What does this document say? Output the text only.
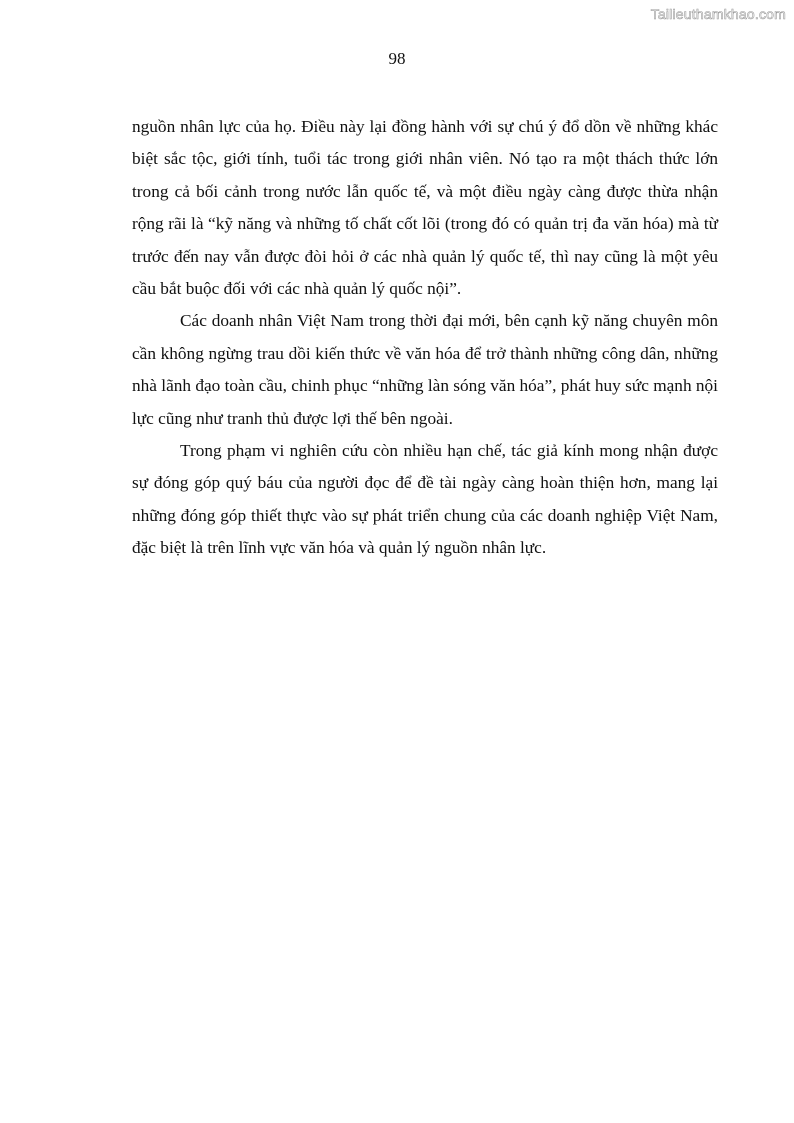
Tailieuthamkhao.com
98

nguồn nhân lực của họ. Điều này lại đồng hành với sự chú ý đổ dồn về những khác biệt sắc tộc, giới tính, tuổi tác trong giới nhân viên. Nó tạo ra một thách thức lớn trong cả bối cảnh trong nước lẫn quốc tế, và một điều ngày càng được thừa nhận rộng rãi là “kỹ năng và những tố chất cốt lõi (trong đó có quản trị đa văn hóa) mà từ trước đến nay vẫn được đòi hỏi ở các nhà quản lý quốc tế, thì nay cũng là một yêu cầu bắt buộc đối với các nhà quản lý quốc nội”.

Các doanh nhân Việt Nam trong thời đại mới, bên cạnh kỹ năng chuyên môn cần không ngừng trau dồi kiến thức về văn hóa để trở thành những công dân, những nhà lãnh đạo toàn cầu, chinh phục “những làn sóng văn hóa”, phát huy sức mạnh nội lực cũng như tranh thủ được lợi thế bên ngoài.

Trong phạm vi nghiên cứu còn nhiều hạn chế, tác giả kính mong nhận được sự đóng góp quý báu của người đọc để đề tài ngày càng hoàn thiện hơn, mang lại những đóng góp thiết thực vào sự phát triển chung của các doanh nghiệp Việt Nam, đặc biệt là trên lĩnh vực văn hóa và quản lý nguồn nhân lực.
